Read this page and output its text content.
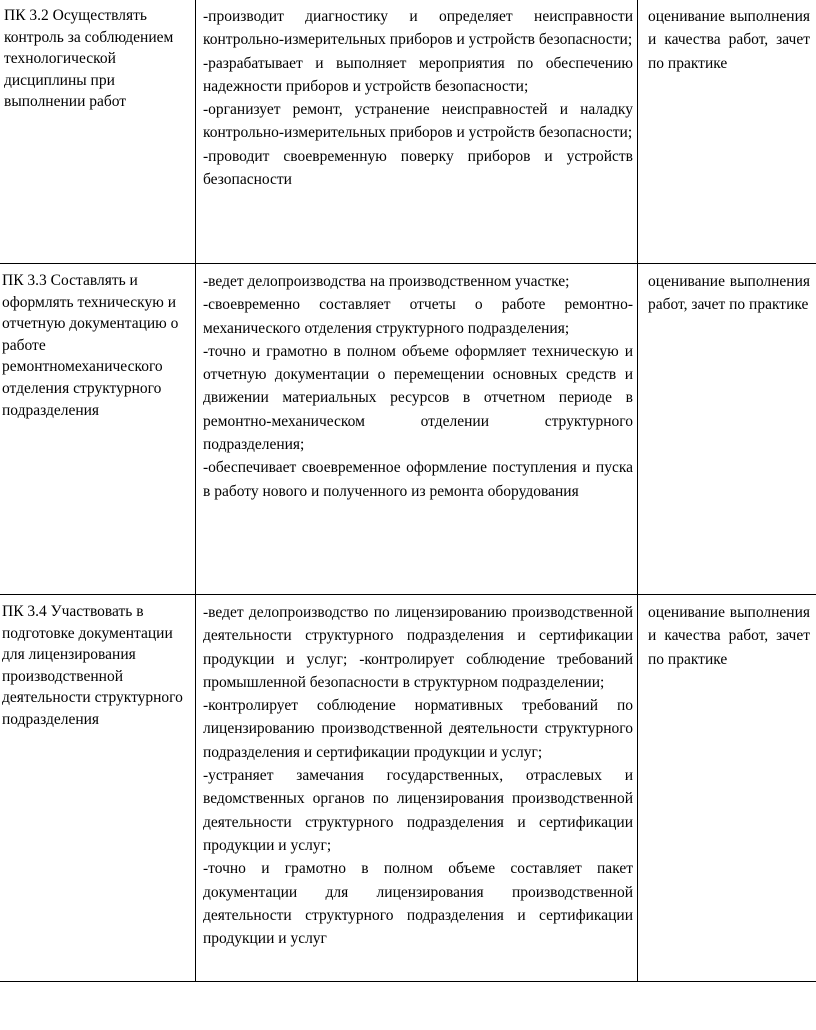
ПК 3.2 Осуществлять контроль за соблюдением технологической дисциплины при выполнении работ	-производит диагностику и определяет неисправности контрольно-измерительных приборов и устройств безопасности;

-разрабатывает и выполняет мероприятия по обеспечению надежности приборов и устройств безопасности;

-организует ремонт, устранение неисправностей и наладку контрольно-измерительных приборов и устройств безопасности;

-проводит своевременную поверку приборов и устройств безопасности	оценивание выполнения и качества работ, зачет по практике

ПК 3.3 Составлять и оформлять техническую и отчетную документацию о работе ремонтномеханического отделения структурного подразделения	-ведет делопроизводства на производственном участке;

-своевременно составляет отчеты о работе ремонтно-механического отделения структурного подразделения;

-точно и грамотно в полном объеме оформляет техническую и отчетную документации о перемещении основных средств и движении материальных ресурсов в отчетном периоде в ремонтно-механическом отделении структурного подразделения;

-обеспечивает своевременное оформление поступления и пуска в работу нового и полученного из ремонта оборудования	оценивание выполнения работ, зачет по практике

ПК 3.4 Участвовать в подготовке документации для лицензирования производственной деятельности структурного подразделения	-ведет делопроизводство по лицензированию производственной деятельности структурного подразделения и сертификации продукции и услуг; -контролирует соблюдение требований промышленной безопасности в структурном подразделении;

-контролирует соблюдение нормативных требований по лицензированию производственной деятельности структурного подразделения и сертификации продукции и услуг;

-устраняет замечания государственных, отраслевых и ведомственных органов по лицензирования производственной деятельности структурного подразделения и сертификации продукции и услуг;

-точно и грамотно в полном объеме составляет пакет документации для лицензирования производственной деятельности структурного подразделения и сертификации продукции и услуг	оценивание выполнения и качества работ, зачет по практике
